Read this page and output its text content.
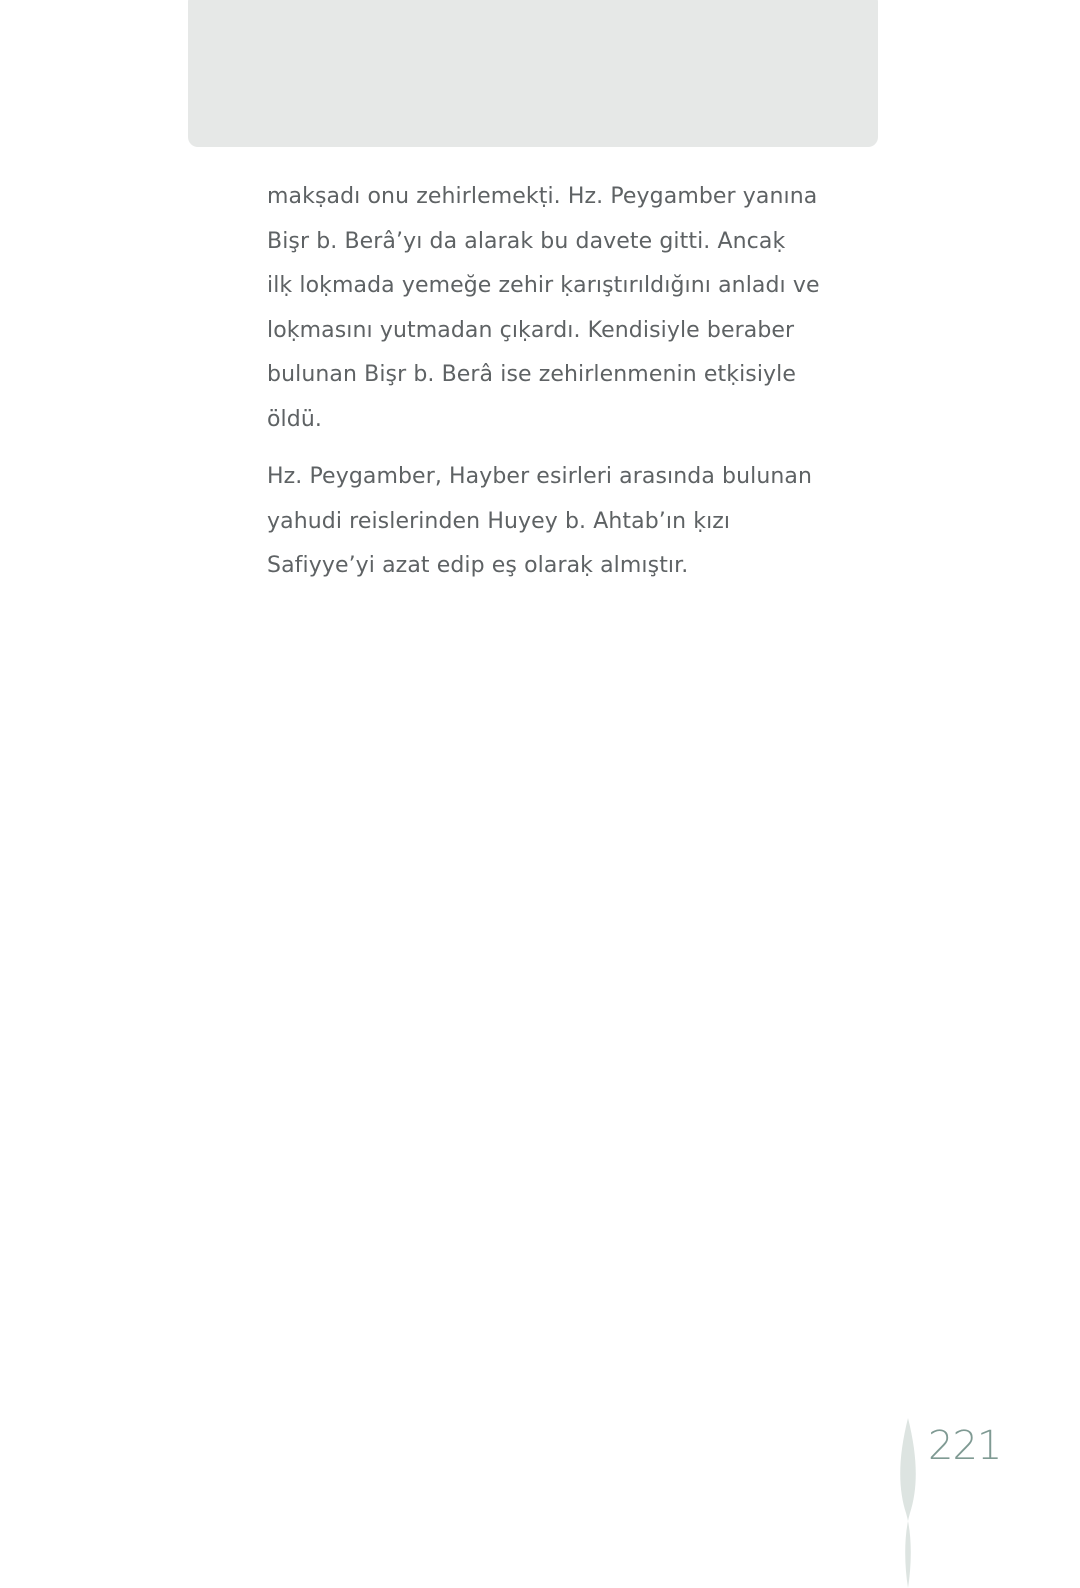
makṣadı onu zehirlemekṭi. Hz. Peygamber yanına
Bişr b. Berâ’yı da alarak bu davete gitti. Ancaḳ
ilḳ loḳmada yemeğe zehir ḳarıştırıldığını anladı ve
loḳmasını yutmadan çıḳardı. Kendisiyle beraber
bulunan Bişr b. Berâ ise zehirlenmenin etḳisiyle
öldü.

Hz. Peygamber, Hayber esirleri arasında bulunan
yahudi reislerinden Huyey b. Ahtab’ın ḳızı
Safiyye’yi azat edip eş olaraḳ almıştır.

221
